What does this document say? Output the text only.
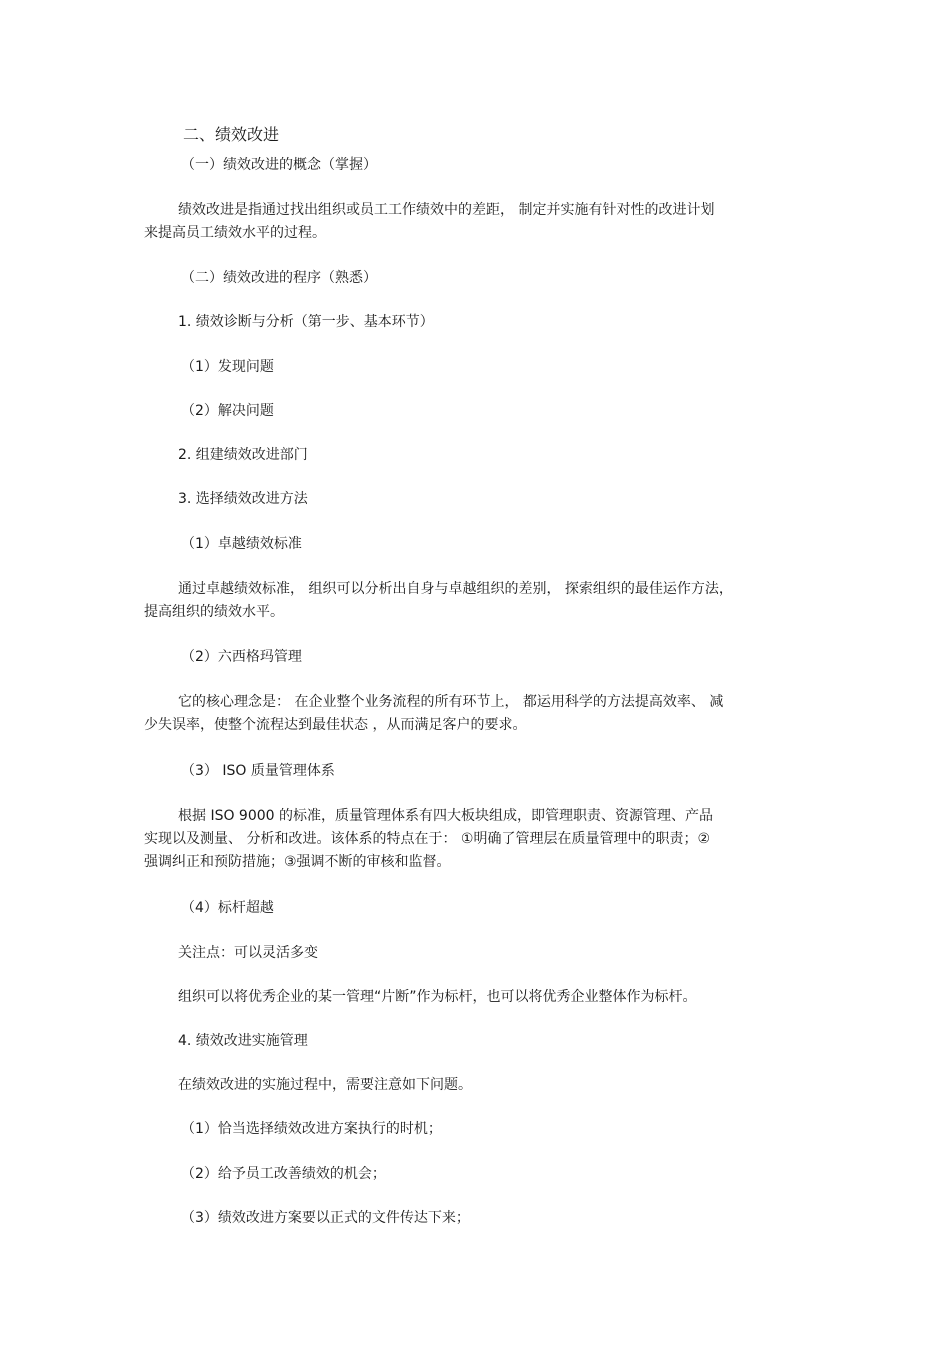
二、绩效改进

（一）绩效改进的概念（掌握）

绩效改进是指通过找出组织或员工工作绩效中的差距， 制定并实施有针对性的改进计划
来提高员工绩效水平的过程。

（二）绩效改进的程序（熟悉）

1. 绩效诊断与分析（第一步、基本环节）

（1）发现问题

（2）解决问题

2. 组建绩效改进部门

3. 选择绩效改进方法

（1）卓越绩效标准

通过卓越绩效标准， 组织可以分析出自身与卓越组织的差别， 探索组织的最佳运作方法，
提高组织的绩效水平。

（2）六西格玛管理

它的核心理念是： 在企业整个业务流程的所有环节上， 都运用科学的方法提高效率、 减
少失误率，使整个流程达到最佳状态 ，从而满足客户的要求。

（3） ISO 质量管理体系

根据 ISO 9000 的标准，质量管理体系有四大板块组成，即管理职责、资源管理、产品
实现以及测量、 分析和改进。该体系的特点在于： ①明确了管理层在质量管理中的职责；②
强调纠正和预防措施；③强调不断的审核和监督。

（4）标杆超越

关注点：可以灵活多变

组织可以将优秀企业的某一管理“片断”作为标杆，也可以将优秀企业整体作为标杆。

4. 绩效改进实施管理

在绩效改进的实施过程中，需要注意如下问题。

（1）恰当选择绩效改进方案执行的时机；

（2）给予员工改善绩效的机会；

（3）绩效改进方案要以正式的文件传达下来；
